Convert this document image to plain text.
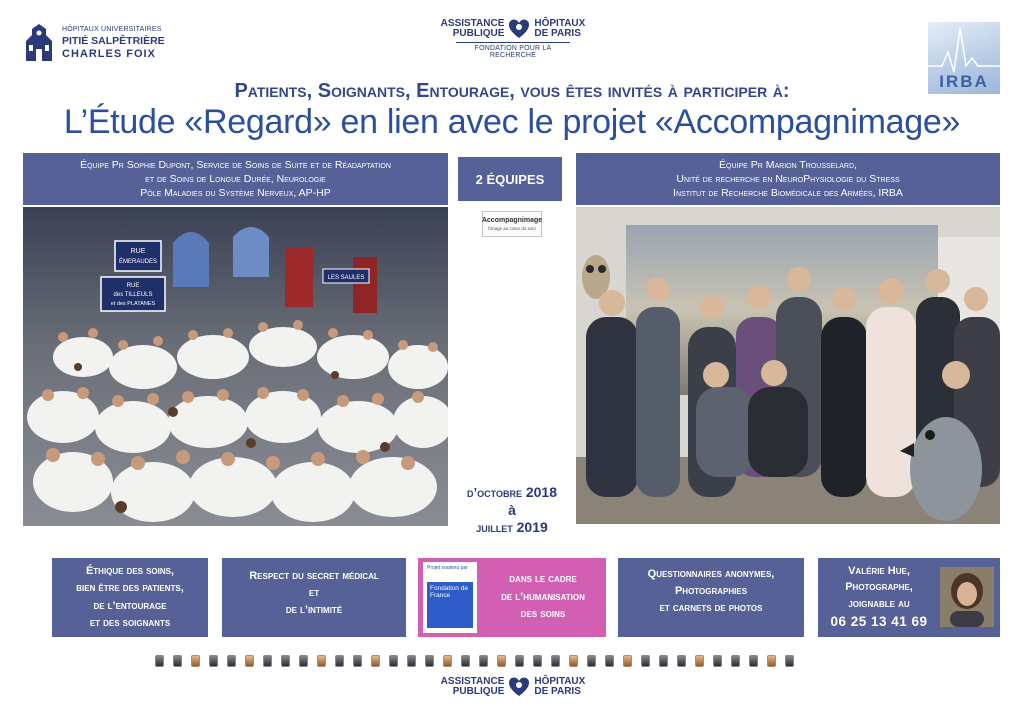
HÔPITAUX UNIVERSITAIRES
PITIÉ SALPÊTRIÈRE
CHARLES FOIX
ASSISTANCE
PUBLIQUE
HÔPITAUX
DE PARIS
FONDATION POUR LA RECHERCHE
IRBA
Patients, Soignants, Entourage, vous êtes invités à participer à:
L’Étude «Regard» en lien avec le projet «Accompagnimage»
Équipe Pr Sophie Dupont, Service de Soins de Suite et de Réadaptation
et de Soins de Longue Durée, Neurologie
Pôle Maladies du Système Nerveux, AP-HP
2 ÉQUIPES
Équipe Pr Marion Trousselard,
Unité de recherche en NeuroPhysiologie du Stress
Institut de Recherche Biomédicale des Armées, IRBA
RUE
ÉMERAUDES
LES SAULES
RUE
des TILLEULS
et des PLATANES
Accompagnimage
l'image au cœur du soin
d’octobre 2018
à
juillet 2019
Éthique des soins,
bien être des patients,
de l’entourage
et des soignants
Respect du secret médical
et
de l’intimité
Projet soutenu par
Fondation de France
dans le cadre
de l’humanisation
des soins
Questionnaires anonymes,
Photographies
et carnets de photos
Valérie Hue,
Photographe,
joignable au
06 25 13 41 69
ASSISTANCE
PUBLIQUE
HÔPITAUX
DE PARIS
